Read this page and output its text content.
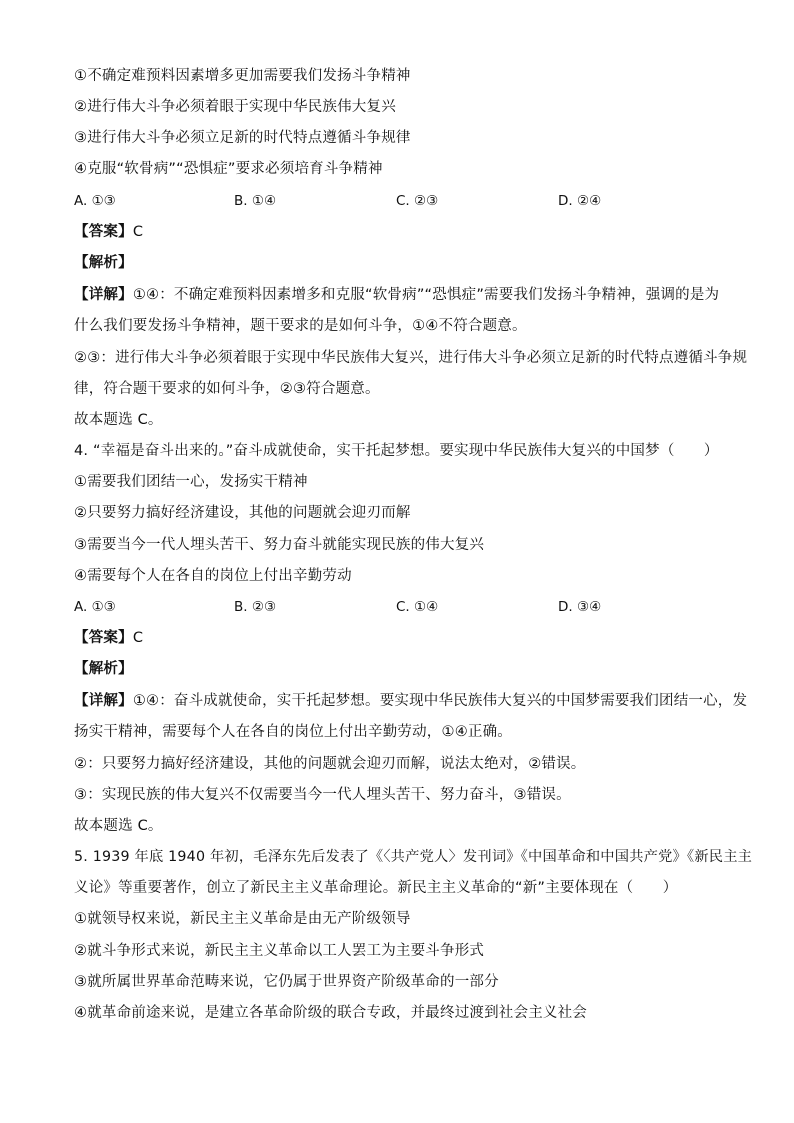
①不确定难预料因素增多更加需要我们发扬斗争精神
②进行伟大斗争必须着眼于实现中华民族伟大复兴
③进行伟大斗争必须立足新的时代特点遵循斗争规律
④克服“软骨病”“恐惧症”要求必须培育斗争精神
A. ①③	B. ①④	C. ②③	D. ②④
【答案】C
【解析】
【详解】①④：不确定难预料因素增多和克服“软骨病”“恐惧症”需要我们发扬斗争精神，强调的是为
什么我们要发扬斗争精神，题干要求的是如何斗争，①④不符合题意。
②③：进行伟大斗争必须着眼于实现中华民族伟大复兴，进行伟大斗争必须立足新的时代特点遵循斗争规
律，符合题干要求的如何斗争，②③符合题意。
故本题选 C。
4. “幸福是奋斗出来的。”奋斗成就使命，实干托起梦想。要实现中华民族伟大复兴的中国梦（　　）
①需要我们团结一心，发扬实干精神
②只要努力搞好经济建设，其他的问题就会迎刃而解
③需要当今一代人埋头苦干、努力奋斗就能实现民族的伟大复兴
④需要每个人在各自的岗位上付出辛勤劳动
A. ①③	B. ②③	C. ①④	D. ③④
【答案】C
【解析】
【详解】①④：奋斗成就使命，实干托起梦想。要实现中华民族伟大复兴的中国梦需要我们团结一心，发
扬实干精神，需要每个人在各自的岗位上付出辛勤劳动，①④正确。
②：只要努力搞好经济建设，其他的问题就会迎刃而解，说法太绝对，②错误。
③：实现民族的伟大复兴不仅需要当今一代人埋头苦干、努力奋斗，③错误。
故本题选 C。
5. 1939 年底 1940 年初，毛泽东先后发表了《〈共产党人〉发刊词》《中国革命和中国共产党》《新民主主
义论》等重要著作，创立了新民主主义革命理论。新民主主义革命的“新”主要体现在（　　）
①就领导权来说，新民主主义革命是由无产阶级领导
②就斗争形式来说，新民主主义革命以工人罢工为主要斗争形式
③就所属世界革命范畴来说，它仍属于世界资产阶级革命的一部分
④就革命前途来说，是建立各革命阶级的联合专政，并最终过渡到社会主义社会
